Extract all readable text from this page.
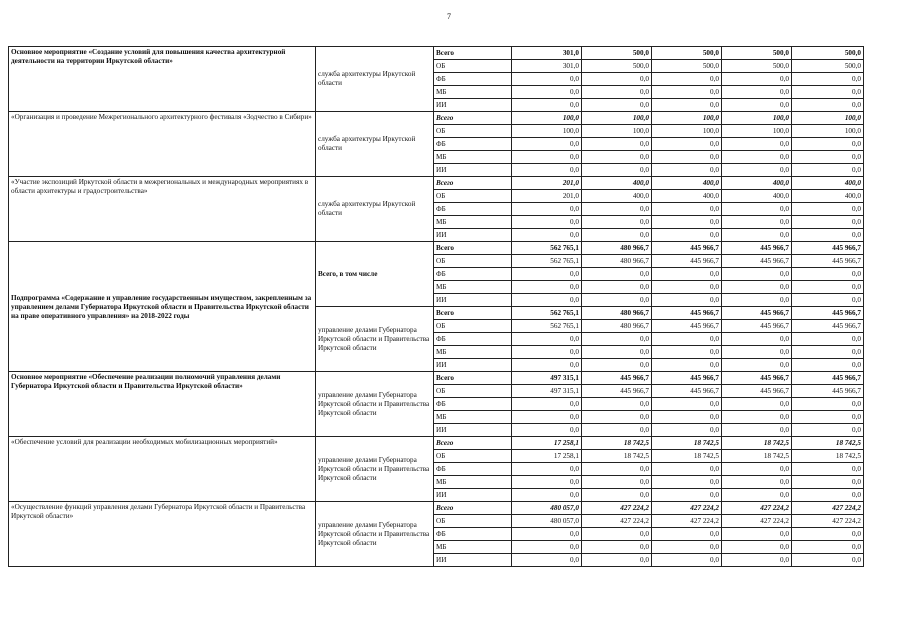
7
Основное мероприятие «Создание условий для повышения качества архитектурной деятельности на территории Иркутской области»	служба архитектуры Иркутской области	Всего	301,0	500,0	500,0	500,0	500,0
		ОБ	301,0	500,0	500,0	500,0	500,0
		ФБ	0,0	0,0	0,0	0,0	0,0
		МБ	0,0	0,0	0,0	0,0	0,0
		ИИ	0,0	0,0	0,0	0,0	0,0
«Организация и проведение Межрегионального архитектурного фестиваля «Зодчество в Сибири»	служба архитектуры Иркутской области	Всего	100,0	100,0	100,0	100,0	100,0
		ОБ	100,0	100,0	100,0	100,0	100,0
		ФБ	0,0	0,0	0,0	0,0	0,0
		МБ	0,0	0,0	0,0	0,0	0,0
		ИИ	0,0	0,0	0,0	0,0	0,0
«Участие экспозиций Иркутской области в межрегиональных и международных мероприятиях в области архитектуры и градостроительства»	служба архитектуры Иркутской области	Всего	201,0	400,0	400,0	400,0	400,0
		ОБ	201,0	400,0	400,0	400,0	400,0
		ФБ	0,0	0,0	0,0	0,0	0,0
		МБ	0,0	0,0	0,0	0,0	0,0
		ИИ	0,0	0,0	0,0	0,0	0,0
Подпрограмма «Содержание и управление государственным имуществом, закрепленным за управлением делами Губернатора Иркутской области и Правительства Иркутской области на праве оперативного управления» на 2018-2022 годы	Всего, в том числе	Всего	562 765,1	480 966,7	445 966,7	445 966,7	445 966,7
		ОБ	562 765,1	480 966,7	445 966,7	445 966,7	445 966,7
		ФБ	0,0	0,0	0,0	0,0	0,0
		МБ	0,0	0,0	0,0	0,0	0,0
		ИИ	0,0	0,0	0,0	0,0	0,0
	управление делами Губернатора Иркутской области и Правительства Иркутской области	Всего	562 765,1	480 966,7	445 966,7	445 966,7	445 966,7
		ОБ	562 765,1	480 966,7	445 966,7	445 966,7	445 966,7
		ФБ	0,0	0,0	0,0	0,0	0,0
		МБ	0,0	0,0	0,0	0,0	0,0
		ИИ	0,0	0,0	0,0	0,0	0,0
Основное мероприятие «Обеспечение реализации полномочий управления делами Губернатора Иркутской области и Правительства Иркутской области»	управление делами Губернатора Иркутской области и Правительства Иркутской области	Всего	497 315,1	445 966,7	445 966,7	445 966,7	445 966,7
		ОБ	497 315,1	445 966,7	445 966,7	445 966,7	445 966,7
		ФБ	0,0	0,0	0,0	0,0	0,0
		МБ	0,0	0,0	0,0	0,0	0,0
		ИИ	0,0	0,0	0,0	0,0	0,0
«Обеспечение условий для реализации необходимых мобилизационных мероприятий»	управление делами Губернатора Иркутской области и Правительства Иркутской области	Всего	17 258,1	18 742,5	18 742,5	18 742,5	18 742,5
		ОБ	17 258,1	18 742,5	18 742,5	18 742,5	18 742,5
		ФБ	0,0	0,0	0,0	0,0	0,0
		МБ	0,0	0,0	0,0	0,0	0,0
		ИИ	0,0	0,0	0,0	0,0	0,0
«Осуществление функций управления делами Губернатора Иркутской области и Правительства Иркутской области»	управление делами Губернатора Иркутской области и Правительства Иркутской области	Всего	480 057,0	427 224,2	427 224,2	427 224,2	427 224,2
		ОБ	480 057,0	427 224,2	427 224,2	427 224,2	427 224,2
		ФБ	0,0	0,0	0,0	0,0	0,0
		МБ	0,0	0,0	0,0	0,0	0,0
		ИИ	0,0	0,0	0,0	0,0	0,0
